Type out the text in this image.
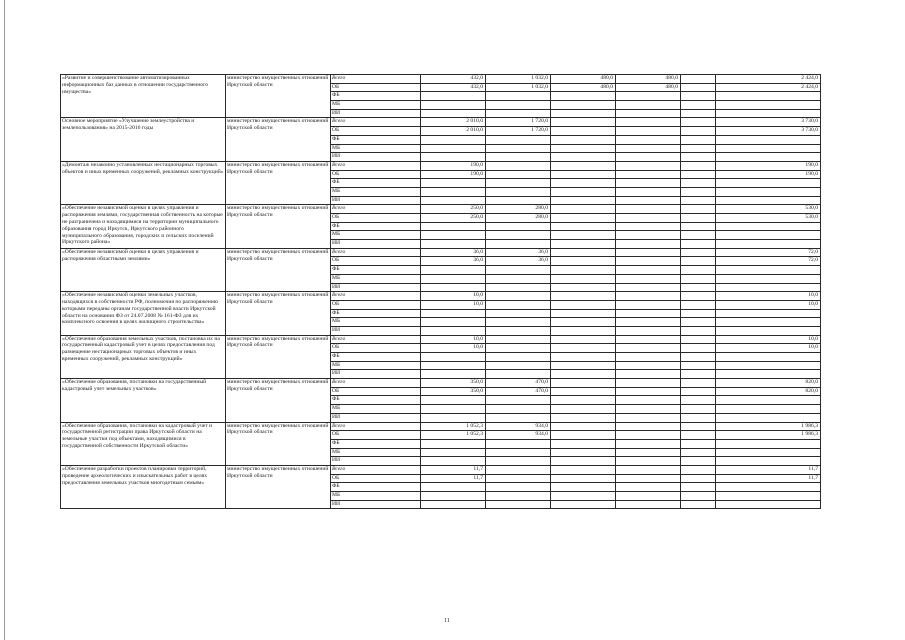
«Развитие и совершенствование автоматизированных информационных баз данных в отношении государственного имущества»	министерство имущественных отношений Иркутской области	Всего	432,0	1 032,0	480,0	480,0		2 424,0
		ОБ	432,0	1 032,0	480,0	480,0		2 424,0
		ФБ						
		МБ						
		ИИ						
Основное мероприятие «Улучшение землеустройства и землепользования» на 2015-2016 годы	министерство имущественных отношений Иркутской области	Всего	2 010,0	1 720,0				3 730,0
		ОБ	2 010,0	1 720,0				3 730,0
		ФБ						
		МБ						
		ИИ						
«Демонтаж незаконно установленных нестационарных торговых объектов и иных временных сооружений, рекламных конструкций»	министерство имущественных отношений Иркутской области	Всего	190,0					190,0
		ОБ	190,0					190,0
		ФБ						
		МБ						
		ИИ						
«Обеспечение независимой оценки в целях управления и распоряжения землями, государственная собственность на которые не разграничена и находящимися на территории муниципального образования город Иркутск, Иркутского районного муниципального образования, городских и сельских поселений Иркутского района»	министерство имущественных отношений Иркутской области	Всего	250,0	280,0				530,0
		ОБ	250,0	280,0				530,0
		ФБ						
		МБ						
		ИИ						
«Обеспечение независимой оценки в целях управления и распоряжения областными землями»	министерство имущественных отношений Иркутской области	Всего	36,0	36,0				72,0
		ОБ	36,0	36,0				72,0
		ФБ						
		МБ						
		ИИ						
«Обеспечение независимой оценки земельных участков, находящихся в собственности РФ, полномочия по распоряжению которыми переданы органам государственной власти Иркутской области на основании ФЗ от 24.07.2008 № 161-ФЗ для их комплексного освоения в целях жилищного строительства»	министерство имущественных отношений Иркутской области	Всего	10,0					10,0
		ОБ	10,0					10,0
		ФБ						
		МБ						
		ИИ						
«Обеспечение образования земельных участков, постановка их на государственный кадастровый учет в целях предоставления под размещение нестационарных торговых объектов и иных временных сооружений, рекламных конструкций»	министерство имущественных отношений Иркутской области	Всего	10,0					10,0
		ОБ	10,0					10,0
		ФБ						
		МБ						
		ИИ						
«Обеспечение образования, постановки на государственный кадастровый учет земельных участков»	министерство имущественных отношений Иркутской области	Всего	350,0	470,0				820,0
		ОБ	350,0	470,0				820,0
		ФБ						
		МБ						
		ИИ						
«Обеспечение образования, постановки на кадастровый учет и государственной регистрации права Иркутской области на земельные участки под объектами, находящимися в государственной собственности Иркутской области»	министерство имущественных отношений Иркутской области	Всего	1 052,3	934,0				1 986,3
		ОБ	1 052,3	934,0				1 986,3
		ФБ						
		МБ						
		ИИ						
«Обеспечение разработки проектов планировки территорий, проведение археологических и изыскательных работ в целях предоставления земельных участков многодетным семьям»	министерство имущественных отношений Иркутской области	Всего	11,7					11,7
		ОБ	11,7					11,7
		ФБ						
		МБ						
		ИИ						
11
